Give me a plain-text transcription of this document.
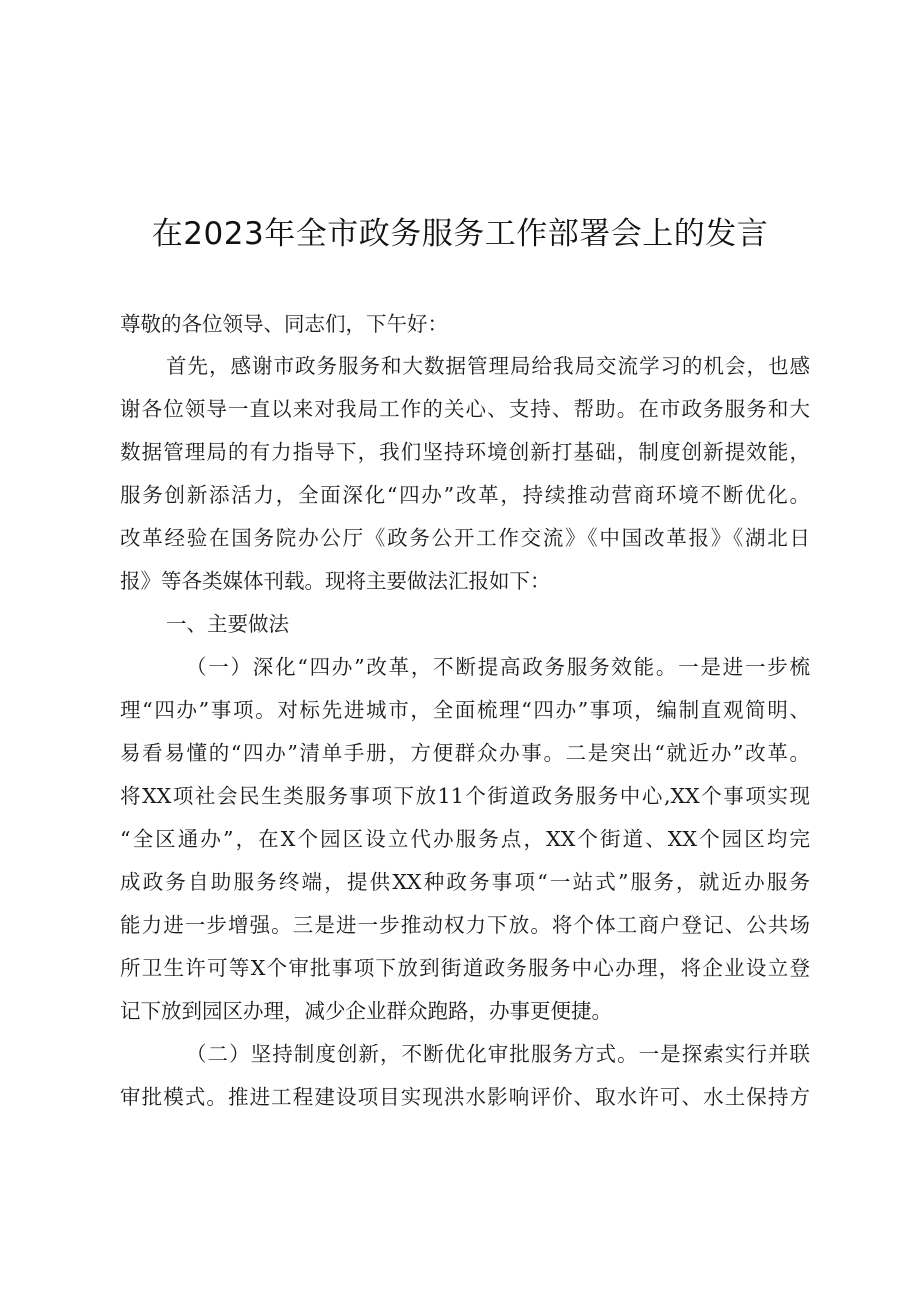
在2023年全市政务服务工作部署会上的发言
尊敬的各位领导、同志们，下午好：
首先，感谢市政务服务和大数据管理局给我局交流学习的机会，也感
谢各位领导一直以来对我局工作的关心、支持、帮助。在市政务服务和大
数据管理局的有力指导下，我们坚持环境创新打基础，制度创新提效能，
服务创新添活力，全面深化“四办”改革，持续推动营商环境不断优化。
改革经验在国务院办公厅《政务公开工作交流》《中国改革报》《湖北日
报》等各类媒体刊载。现将主要做法汇报如下：
一、主要做法
（一）深化“四办”改革，不断提高政务服务效能。一是进一步梳
理“四办”事项。对标先进城市，全面梳理“四办”事项，编制直观简明、
易看易懂的“四办”清单手册，方便群众办事。二是突出“就近办”改革。
将XX项社会民生类服务事项下放11个街道政务服务中心,XX个事项实现
“全区通办”，在X个园区设立代办服务点，XX个街道、XX个园区均完
成政务自助服务终端，提供XX种政务事项“一站式”服务，就近办服务
能力进一步增强。三是进一步推动权力下放。将个体工商户登记、公共场
所卫生许可等X个审批事项下放到街道政务服务中心办理，将企业设立登
记下放到园区办理，减少企业群众跑路，办事更便捷。
（二）坚持制度创新，不断优化审批服务方式。一是探索实行并联
审批模式。推进工程建设项目实现洪水影响评价、取水许可、水土保持方
